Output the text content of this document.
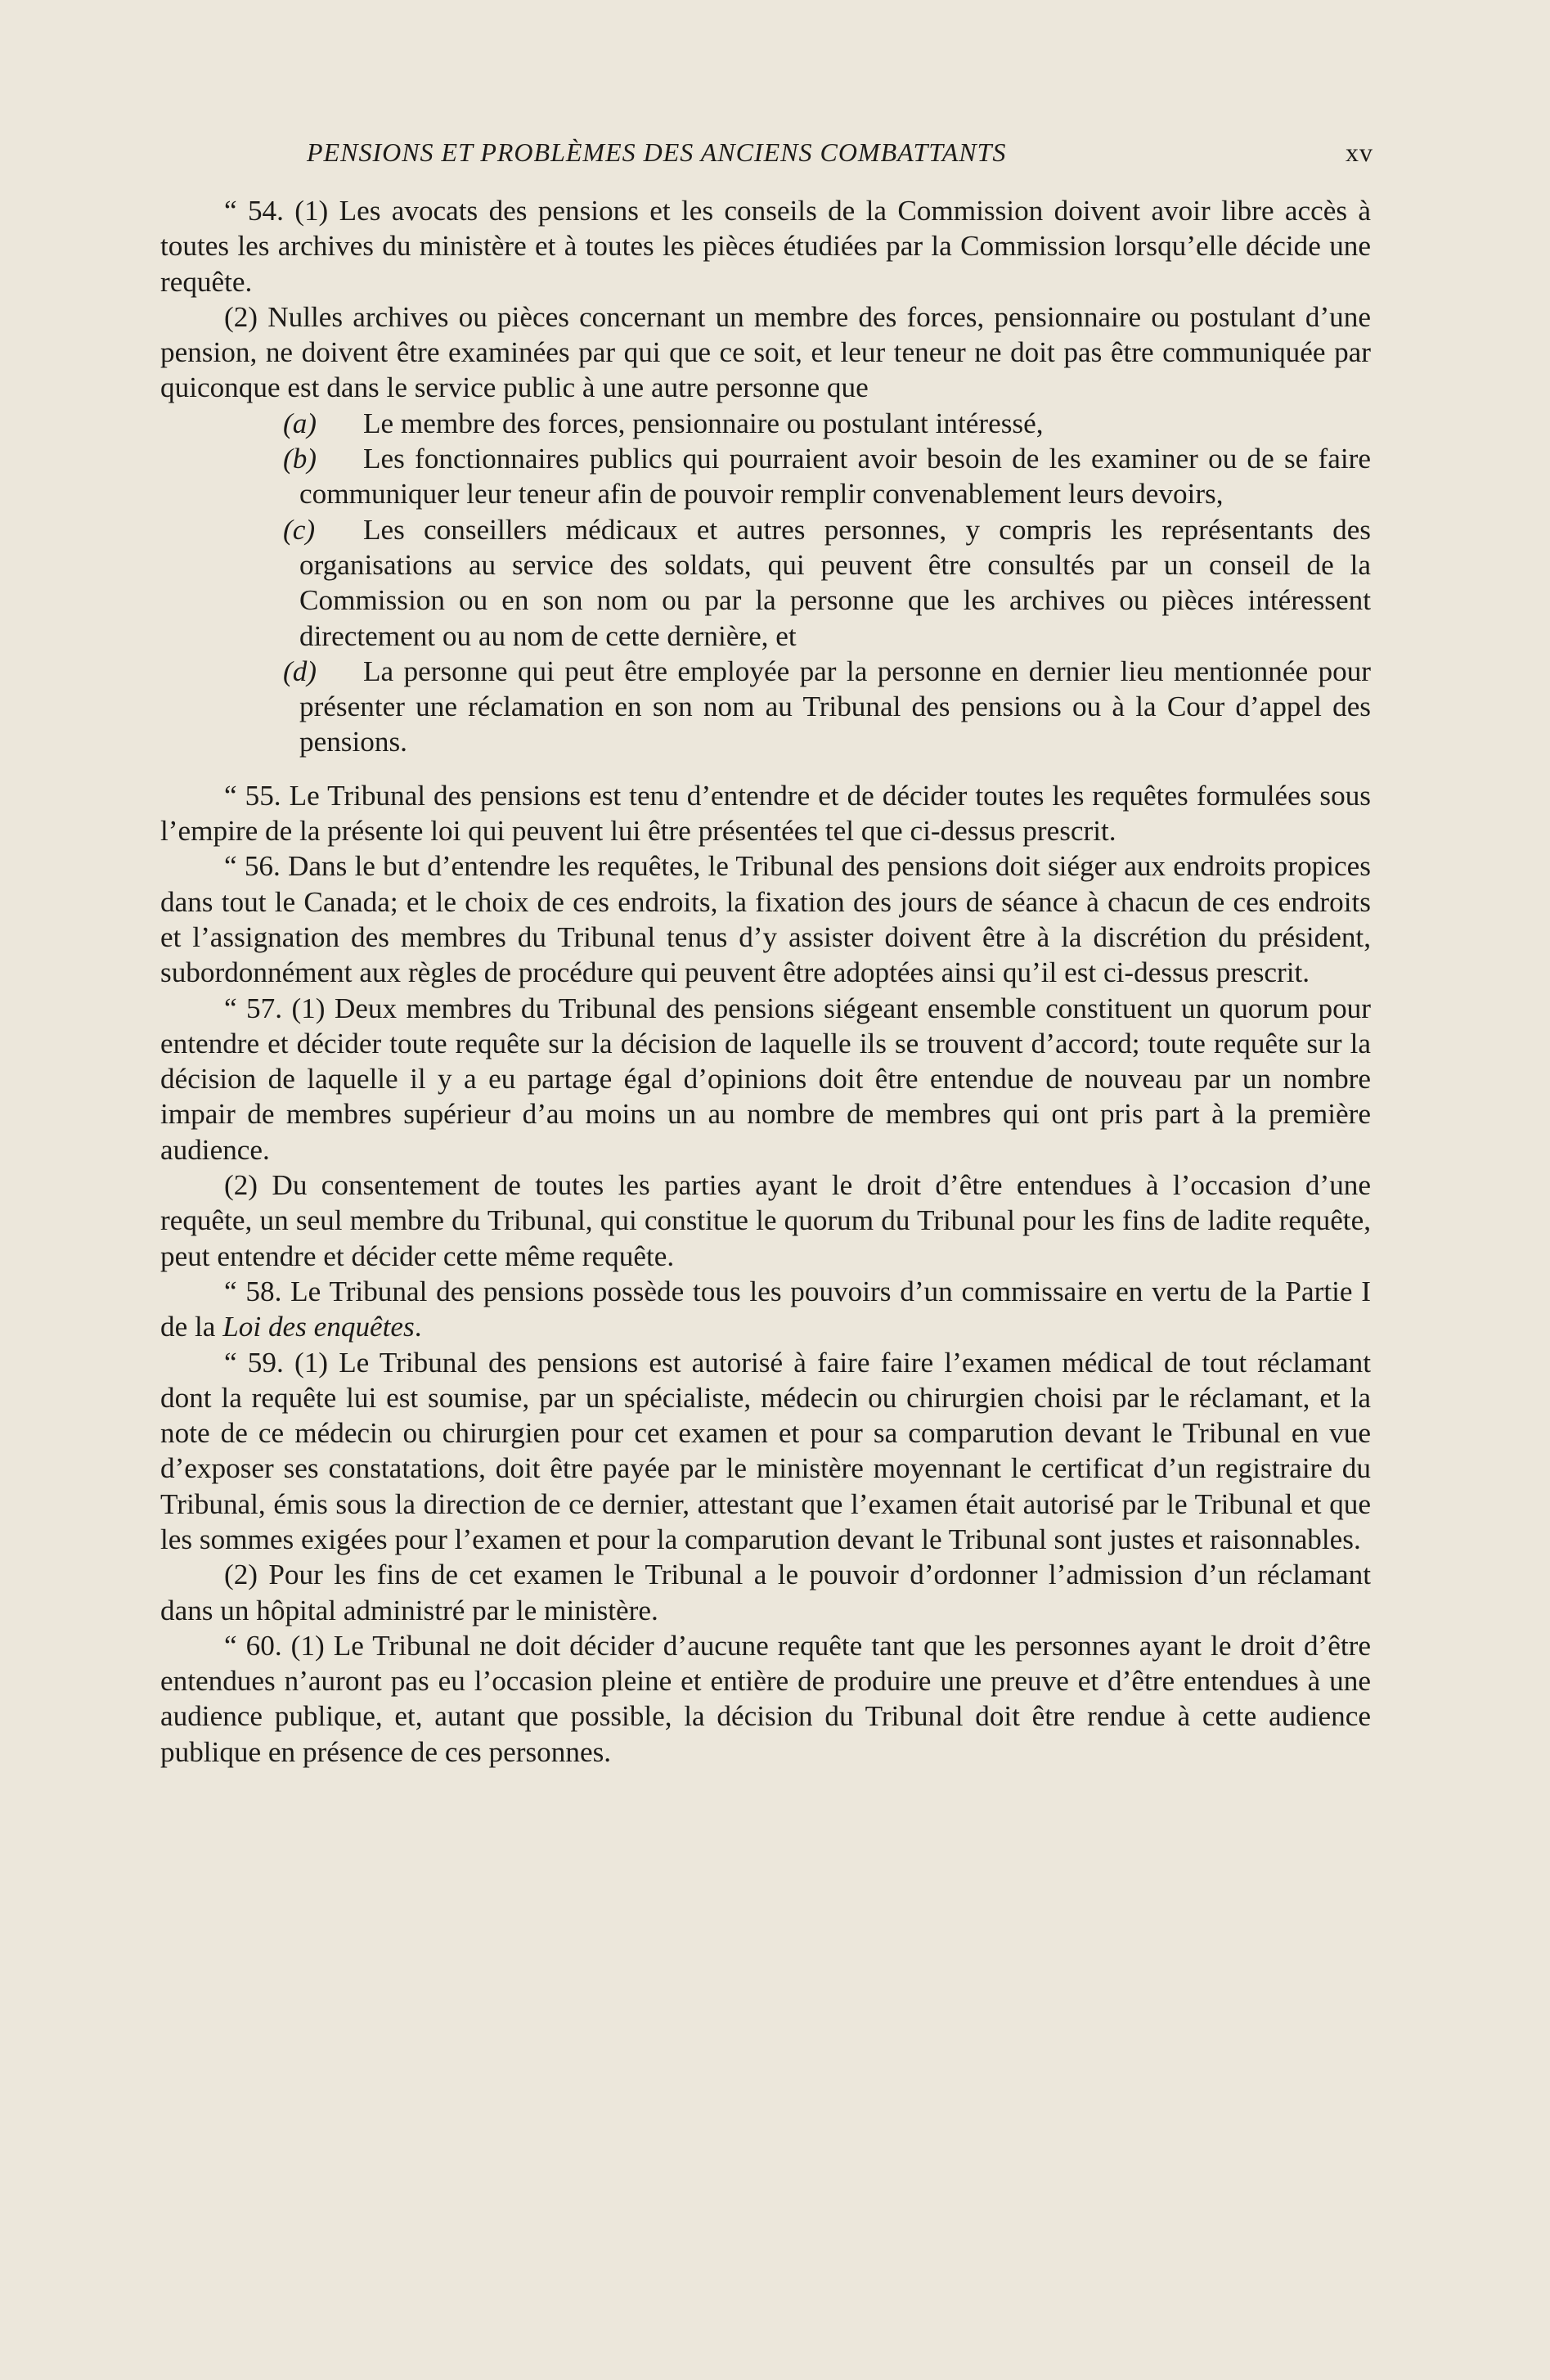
PENSIONS ET PROBLÈMES DES ANCIENS COMBATTANTS	xv

“ 54. (1) Les avocats des pensions et les conseils de la Commission doivent avoir libre accès à toutes les archives du ministère et à toutes les pièces étudiées par la Commission lorsqu’elle décide une requête.

(2) Nulles archives ou pièces concernant un membre des forces, pensionnaire ou postulant d’une pension, ne doivent être examinées par qui que ce soit, et leur teneur ne doit pas être communiquée par quiconque est dans le service public à une autre personne que

(a) Le membre des forces, pensionnaire ou postulant intéressé,

(b) Les fonctionnaires publics qui pourraient avoir besoin de les examiner ou de se faire communiquer leur teneur afin de pouvoir remplir convenablement leurs devoirs,

(c) Les conseillers médicaux et autres personnes, y compris les représentants des organisations au service des soldats, qui peuvent être consultés par un conseil de la Commission ou en son nom ou par la personne que les archives ou pièces intéressent directement ou au nom de cette dernière, et

(d) La personne qui peut être employée par la personne en dernier lieu mentionnée pour présenter une réclamation en son nom au Tribunal des pensions ou à la Cour d’appel des pensions.

“ 55. Le Tribunal des pensions est tenu d’entendre et de décider toutes les requêtes formulées sous l’empire de la présente loi qui peuvent lui être présentées tel que ci-dessus prescrit.

“ 56. Dans le but d’entendre les requêtes, le Tribunal des pensions doit siéger aux endroits propices dans tout le Canada; et le choix de ces endroits, la fixation des jours de séance à chacun de ces endroits et l’assignation des membres du Tribunal tenus d’y assister doivent être à la discrétion du président, subordonnément aux règles de procédure qui peuvent être adoptées ainsi qu’il est ci-dessus prescrit.

“ 57. (1) Deux membres du Tribunal des pensions siégeant ensemble constituent un quorum pour entendre et décider toute requête sur la décision de laquelle ils se trouvent d’accord; toute requête sur la décision de laquelle il y a eu partage égal d’opinions doit être entendue de nouveau par un nombre impair de membres supérieur d’au moins un au nombre de membres qui ont pris part à la première audience.

(2) Du consentement de toutes les parties ayant le droit d’être entendues à l’occasion d’une requête, un seul membre du Tribunal, qui constitue le quorum du Tribunal pour les fins de ladite requête, peut entendre et décider cette même requête.

“ 58. Le Tribunal des pensions possède tous les pouvoirs d’un commissaire en vertu de la Partie I de la Loi des enquêtes.

“ 59. (1) Le Tribunal des pensions est autorisé à faire faire l’examen médical de tout réclamant dont la requête lui est soumise, par un spécialiste, médecin ou chirurgien choisi par le réclamant, et la note de ce médecin ou chirurgien pour cet examen et pour sa comparution devant le Tribunal en vue d’exposer ses constatations, doit être payée par le ministère moyennant le certificat d’un registraire du Tribunal, émis sous la direction de ce dernier, attestant que l’examen était autorisé par le Tribunal et que les sommes exigées pour l’examen et pour la comparution devant le Tribunal sont justes et raisonnables.

(2) Pour les fins de cet examen le Tribunal a le pouvoir d’ordonner l’admission d’un réclamant dans un hôpital administré par le ministère.

“ 60. (1) Le Tribunal ne doit décider d’aucune requête tant que les personnes ayant le droit d’être entendues n’auront pas eu l’occasion pleine et entière de produire une preuve et d’être entendues à une audience publique, et, autant que possible, la décision du Tribunal doit être rendue à cette audience publique en présence de ces personnes.
